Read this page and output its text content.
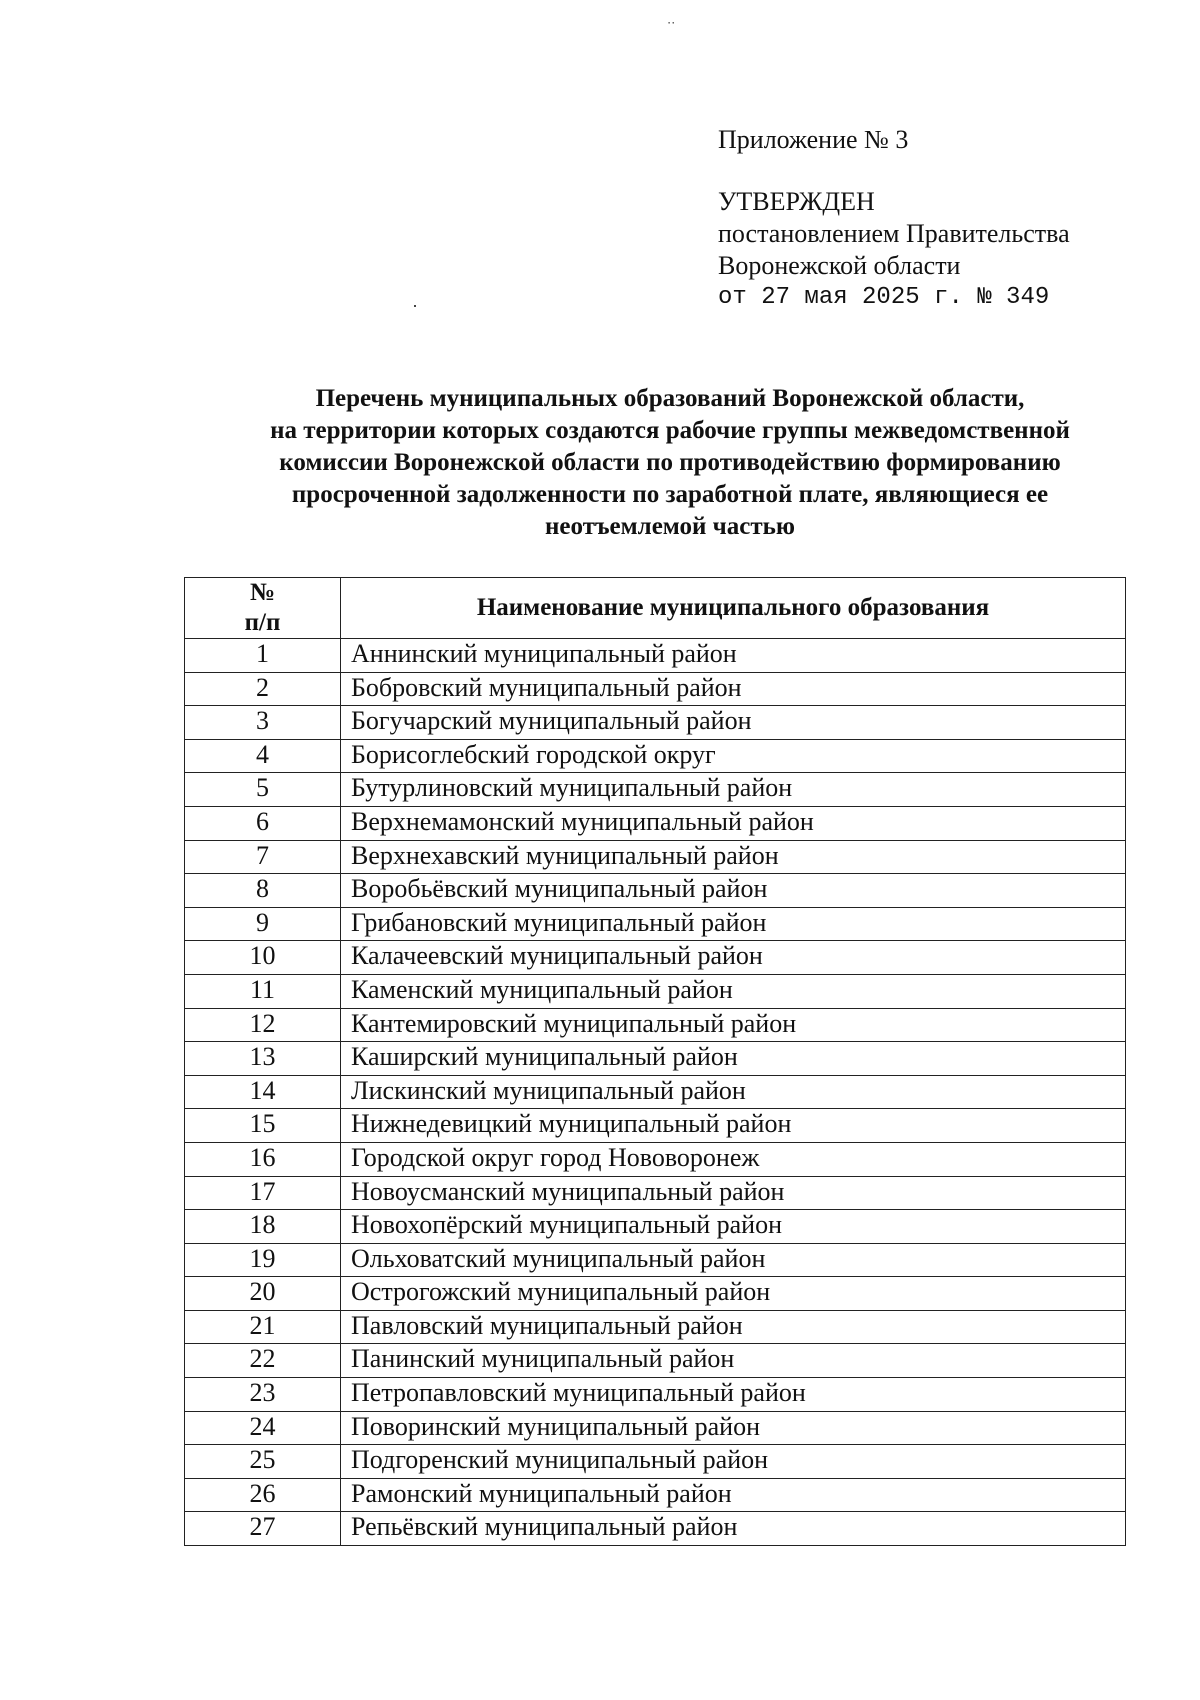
⋅⋅
Приложение № 3
УТВЕРЖДЕН
постановлением Правительства
Воронежской области
от 27 мая 2025 г. № 349
Перечень муниципальных образований Воронежской области,
на территории которых создаются рабочие группы межведомственной
комиссии Воронежской области по противодействию формированию
просроченной задолженности по заработной плате, являющиеся ее
неотъемлемой частью
№
п/п	Наименование муниципального образования
1	Аннинский муниципальный район
2	Бобровский муниципальный район
3	Богучарский муниципальный район
4	Борисоглебский городской округ
5	Бутурлиновский муниципальный район
6	Верхнемамонский муниципальный район
7	Верхнехавский муниципальный район
8	Воробьёвский муниципальный район
9	Грибановский муниципальный район
10	Калачеевский муниципальный район
11	Каменский муниципальный район
12	Кантемировский муниципальный район
13	Каширский муниципальный район
14	Лискинский муниципальный район
15	Нижнедевицкий муниципальный район
16	Городской округ город Нововоронеж
17	Новоусманский муниципальный район
18	Новохопёрский муниципальный район
19	Ольховатский муниципальный район
20	Острогожский муниципальный район
21	Павловский муниципальный район
22	Панинский муниципальный район
23	Петропавловский муниципальный район
24	Поворинский муниципальный район
25	Подгоренский муниципальный район
26	Рамонский муниципальный район
27	Репьёвский муниципальный район
